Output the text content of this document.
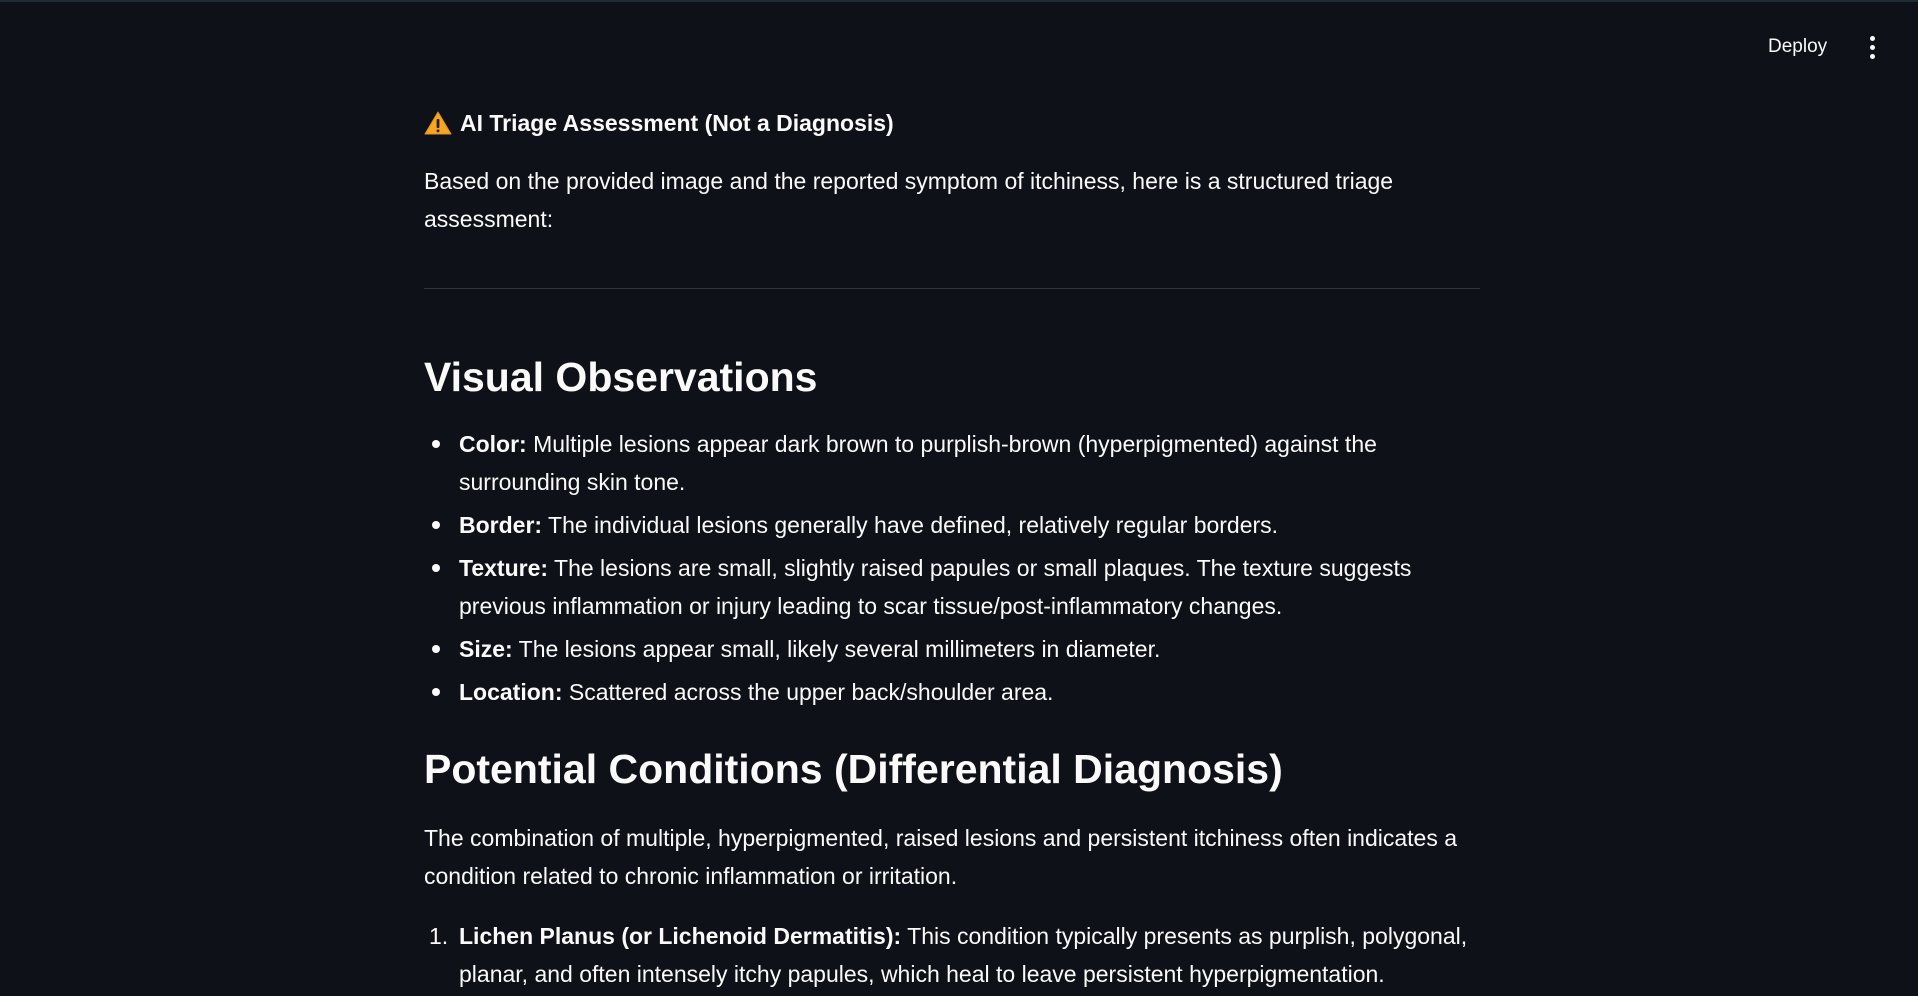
Deploy
AI Triage Assessment (Not a Diagnosis)

Based on the provided image and the reported symptom of itchiness, here is a structured triage assessment:

Visual Observations
Color: Multiple lesions appear dark brown to purplish-brown (hyperpigmented) against the surrounding skin tone.
Border: The individual lesions generally have defined, relatively regular borders.
Texture: The lesions are small, slightly raised papules or small plaques. The texture suggests previous inflammation or injury leading to scar tissue/post-inflammatory changes.
Size: The lesions appear small, likely several millimeters in diameter.
Location: Scattered across the upper back/shoulder area.
Potential Conditions (Differential Diagnosis)

The combination of multiple, hyperpigmented, raised lesions and persistent itchiness often indicates a condition related to chronic inflammation or irritation.

1. Lichen Planus (or Lichenoid Dermatitis): This condition typically presents as purplish, polygonal, planar, and often intensely itchy papules, which heal to leave persistent hyperpigmentation.
